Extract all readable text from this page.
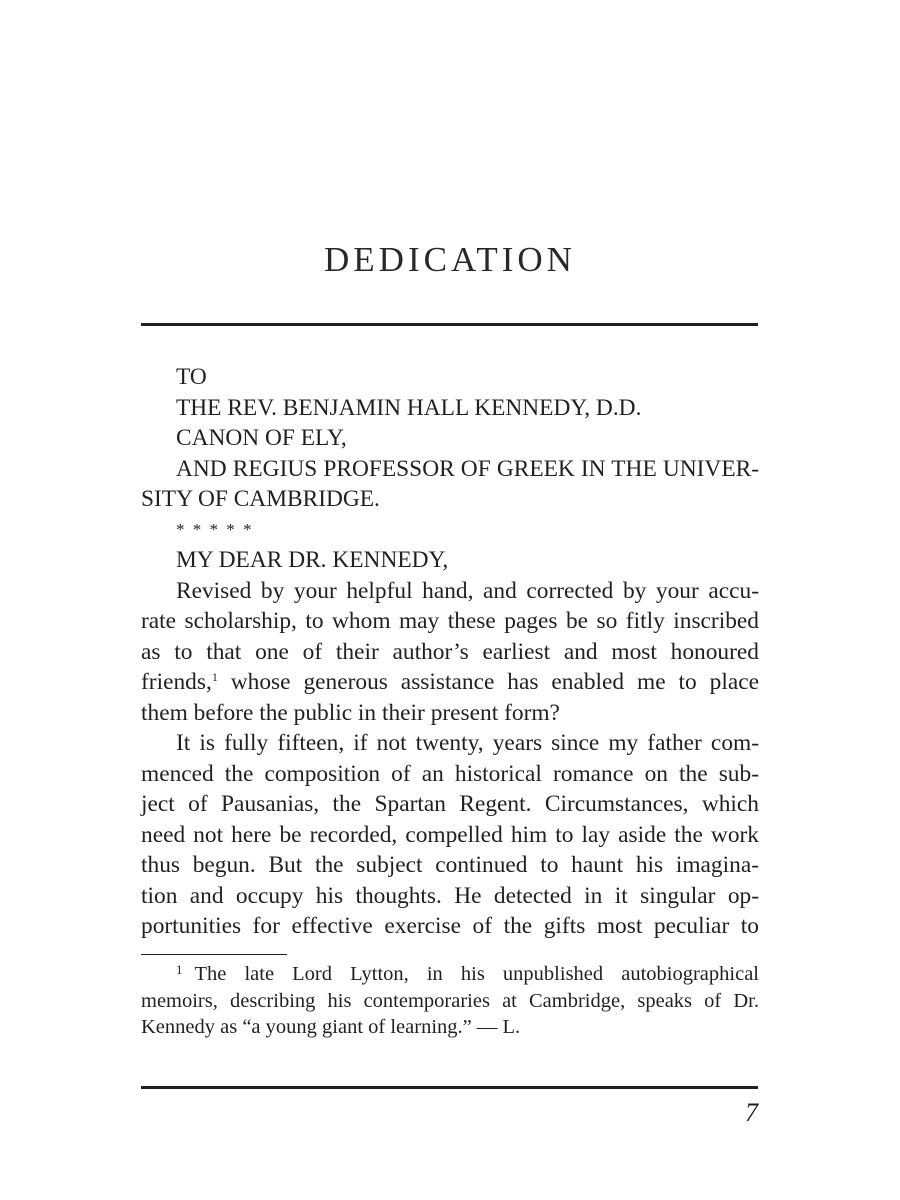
DEDICATION
TO
THE REV. BENJAMIN HALL KENNEDY, D.D.
CANON OF ELY,
AND REGIUS PROFESSOR OF GREEK IN THE UNIVER-
SITY OF CAMBRIDGE.
* * * * *
MY DEAR DR. KENNEDY,
Revised by your helpful hand, and corrected by your accu-
rate scholarship, to whom may these pages be so fitly inscribed
as to that one of their author’s earliest and most honoured
friends,$^1$ whose generous assistance has enabled me to place
them before the public in their present form?
It is fully fifteen, if not twenty, years since my father com-
menced the composition of an historical romance on the sub-
ject of Pausanias, the Spartan Regent. Circumstances, which
need not here be recorded, compelled him to lay aside the work
thus begun. But the subject continued to haunt his imagina-
tion and occupy his thoughts. He detected in it singular op-
portunities for effective exercise of the gifts most peculiar to
$^1$ The late Lord Lytton, in his unpublished autobiographical
memoirs, describing his contemporaries at Cambridge, speaks of Dr.
Kennedy as “a young giant of learning.” — L.
7
